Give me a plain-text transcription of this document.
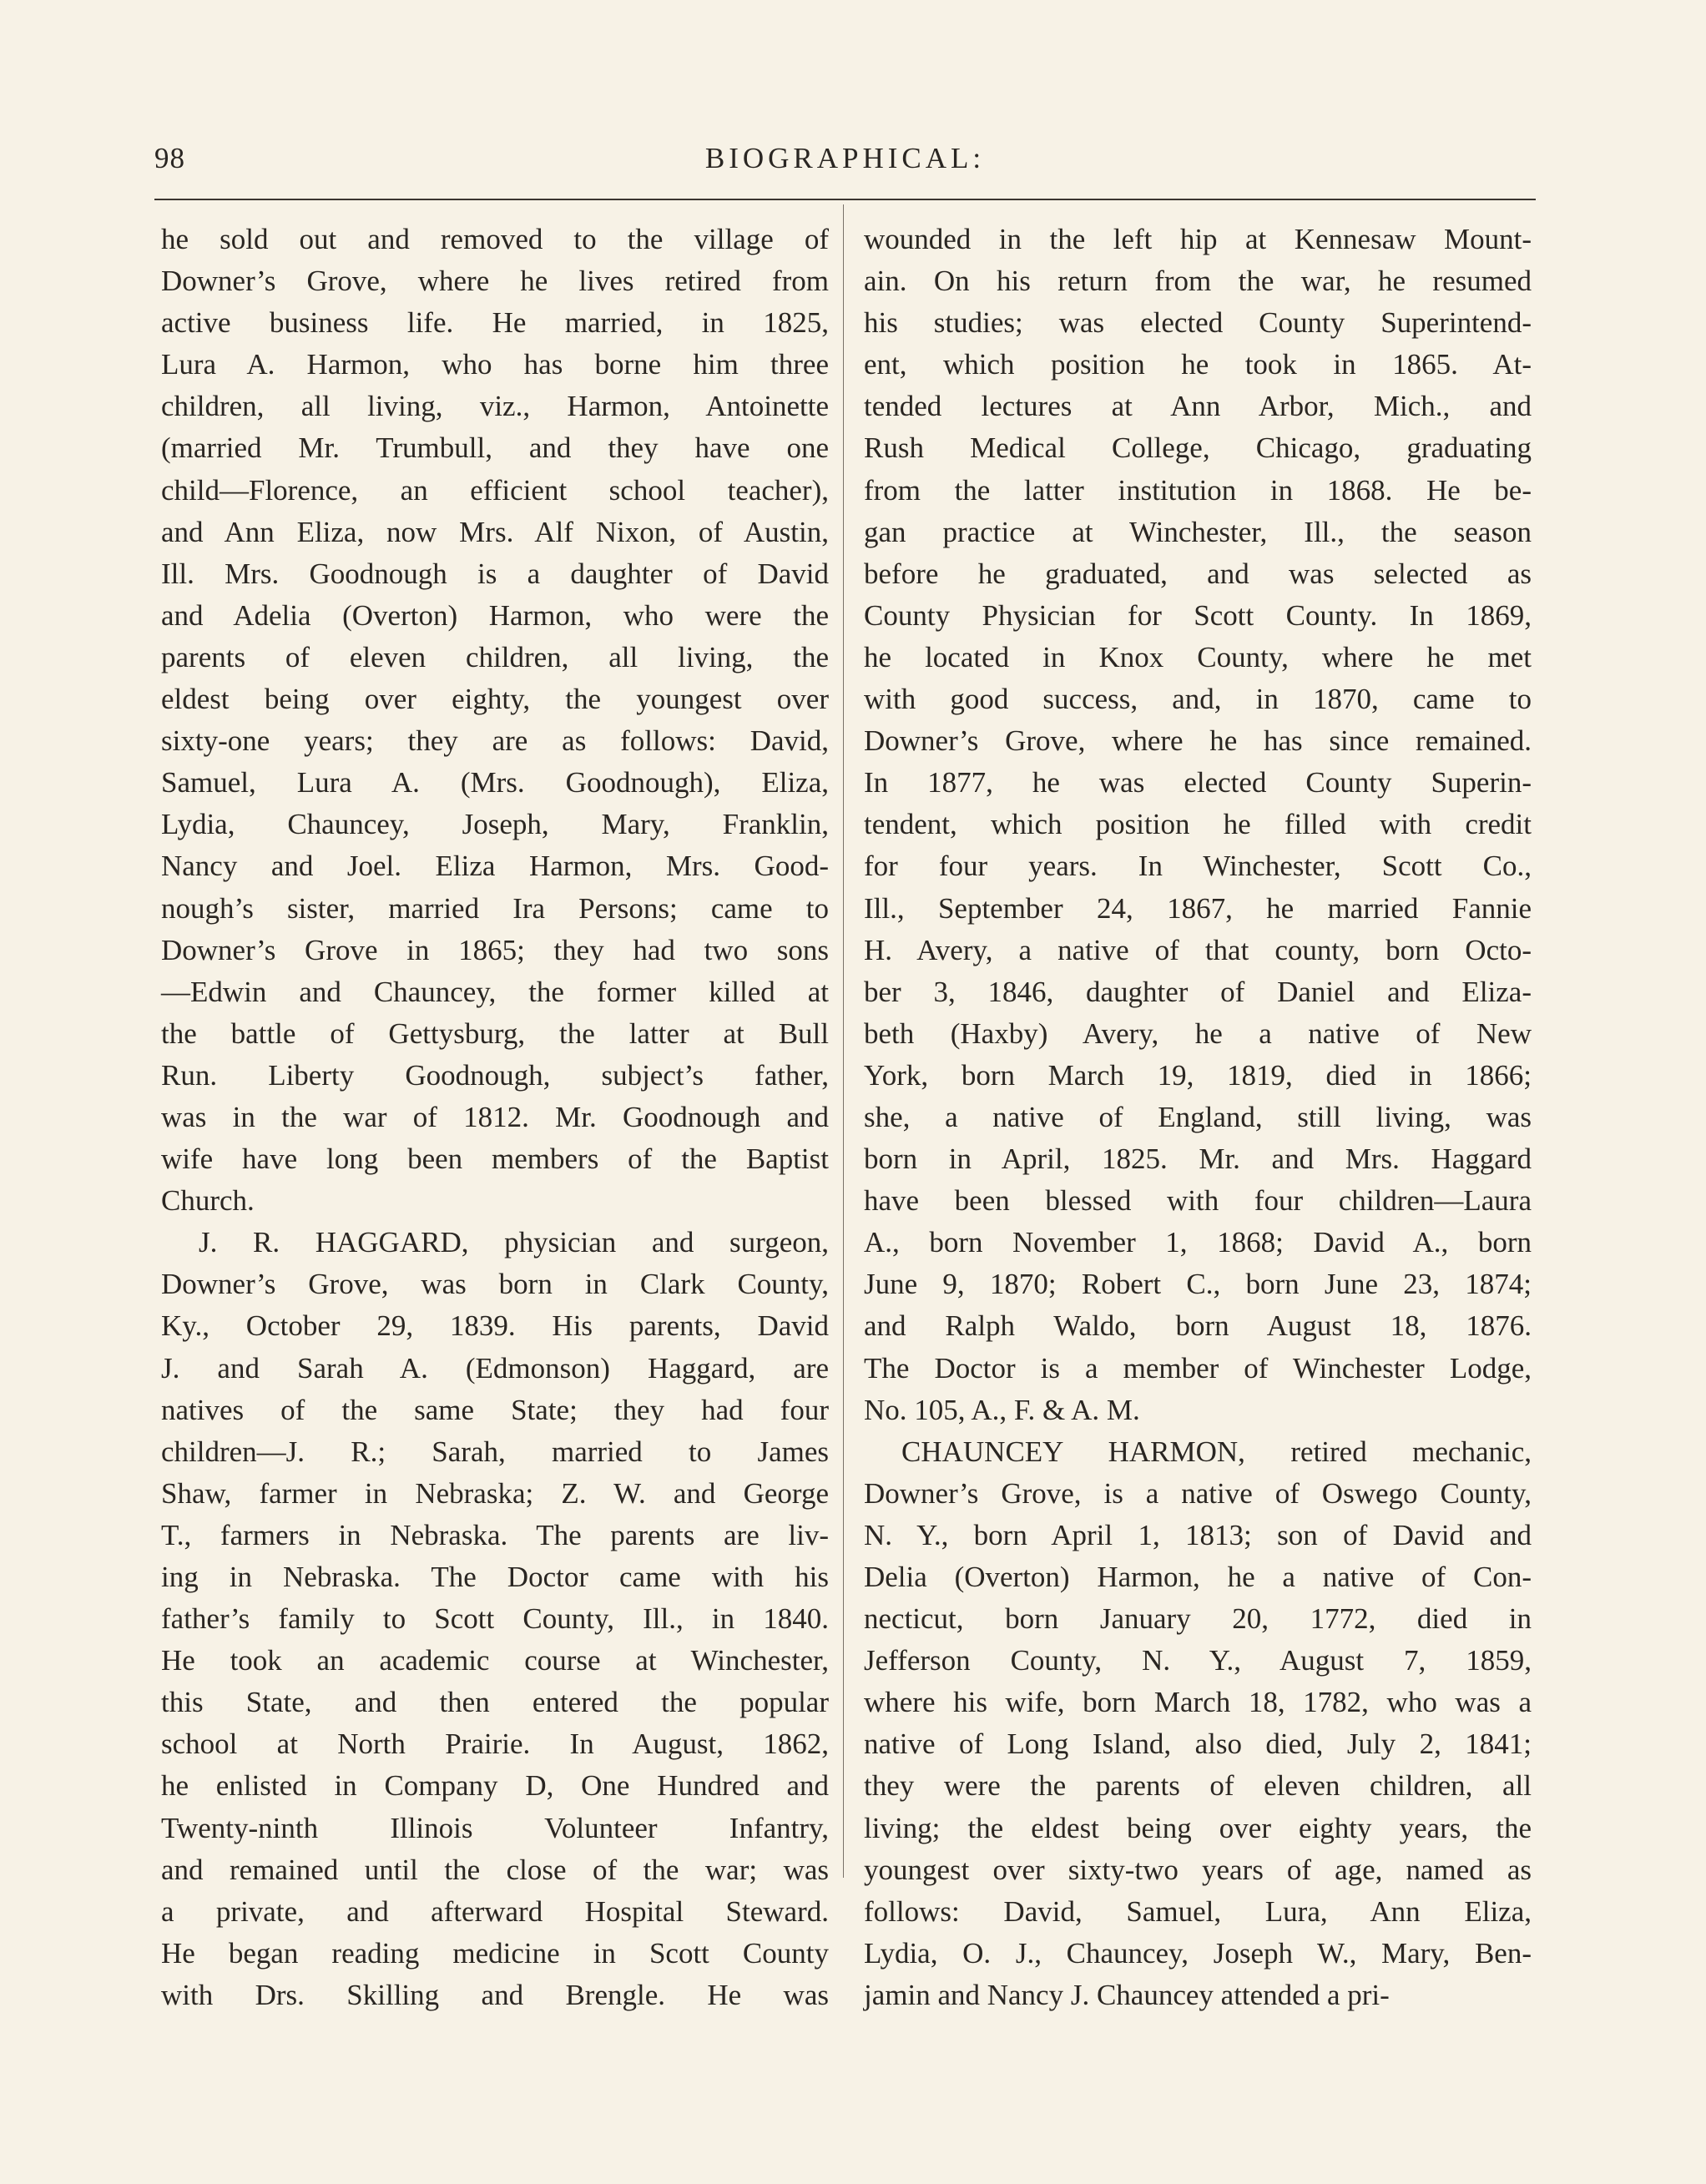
98	BIOGRAPHICAL:
he sold out and removed to the village of
Downer’s Grove, where he lives retired from
active business life. He married, in 1825,
Lura A. Harmon, who has borne him three
children, all living, viz., Harmon, Antoinette
(married Mr. Trumbull, and they have one
child—Florence, an efficient school teacher),
and Ann Eliza, now Mrs. Alf Nixon, of Austin,
Ill. Mrs. Goodnough is a daughter of David
and Adelia (Overton) Harmon, who were the
parents of eleven children, all living, the
eldest being over eighty, the youngest over
sixty-one years; they are as follows: David,
Samuel, Lura A. (Mrs. Goodnough), Eliza,
Lydia, Chauncey, Joseph, Mary, Franklin,
Nancy and Joel. Eliza Harmon, Mrs. Good-
nough’s sister, married Ira Persons; came to
Downer’s Grove in 1865; they had two sons
—Edwin and Chauncey, the former killed at
the battle of Gettysburg, the latter at Bull
Run. Liberty Goodnough, subject’s father,
was in the war of 1812. Mr. Goodnough and
wife have long been members of the Baptist
Church.
J. R. HAGGARD, physician and surgeon,
Downer’s Grove, was born in Clark County,
Ky., October 29, 1839. His parents, David
J. and Sarah A. (Edmonson) Haggard, are
natives of the same State; they had four
children—J. R.; Sarah, married to James
Shaw, farmer in Nebraska; Z. W. and George
T., farmers in Nebraska. The parents are liv-
ing in Nebraska. The Doctor came with his
father’s family to Scott County, Ill., in 1840.
He took an academic course at Winchester,
this State, and then entered the popular
school at North Prairie. In August, 1862,
he enlisted in Company D, One Hundred and
Twenty-ninth Illinois Volunteer Infantry,
and remained until the close of the war; was
a private, and afterward Hospital Steward.
He began reading medicine in Scott County
with Drs. Skilling and Brengle. He was
wounded in the left hip at Kennesaw Mount-
ain. On his return from the war, he resumed
his studies; was elected County Superintend-
ent, which position he took in 1865. At-
tended lectures at Ann Arbor, Mich., and
Rush Medical College, Chicago, graduating
from the latter institution in 1868. He be-
gan practice at Winchester, Ill., the season
before he graduated, and was selected as
County Physician for Scott County. In 1869,
he located in Knox County, where he met
with good success, and, in 1870, came to
Downer’s Grove, where he has since remained.
In 1877, he was elected County Superin-
tendent, which position he filled with credit
for four years. In Winchester, Scott Co.,
Ill., September 24, 1867, he married Fannie
H. Avery, a native of that county, born Octo-
ber 3, 1846, daughter of Daniel and Eliza-
beth (Haxby) Avery, he a native of New
York, born March 19, 1819, died in 1866;
she, a native of England, still living, was
born in April, 1825. Mr. and Mrs. Haggard
have been blessed with four children—Laura
A., born November 1, 1868; David A., born
June 9, 1870; Robert C., born June 23, 1874;
and Ralph Waldo, born August 18, 1876.
The Doctor is a member of Winchester Lodge,
No. 105, A., F. & A. M.
CHAUNCEY HARMON, retired mechanic,
Downer’s Grove, is a native of Oswego County,
N. Y., born April 1, 1813; son of David and
Delia (Overton) Harmon, he a native of Con-
necticut, born January 20, 1772, died in
Jefferson County, N. Y., August 7, 1859,
where his wife, born March 18, 1782, who was a
native of Long Island, also died, July 2, 1841;
they were the parents of eleven children, all
living; the eldest being over eighty years, the
youngest over sixty-two years of age, named as
follows: David, Samuel, Lura, Ann Eliza,
Lydia, O. J., Chauncey, Joseph W., Mary, Ben-
jamin and Nancy J. Chauncey attended a pri-
